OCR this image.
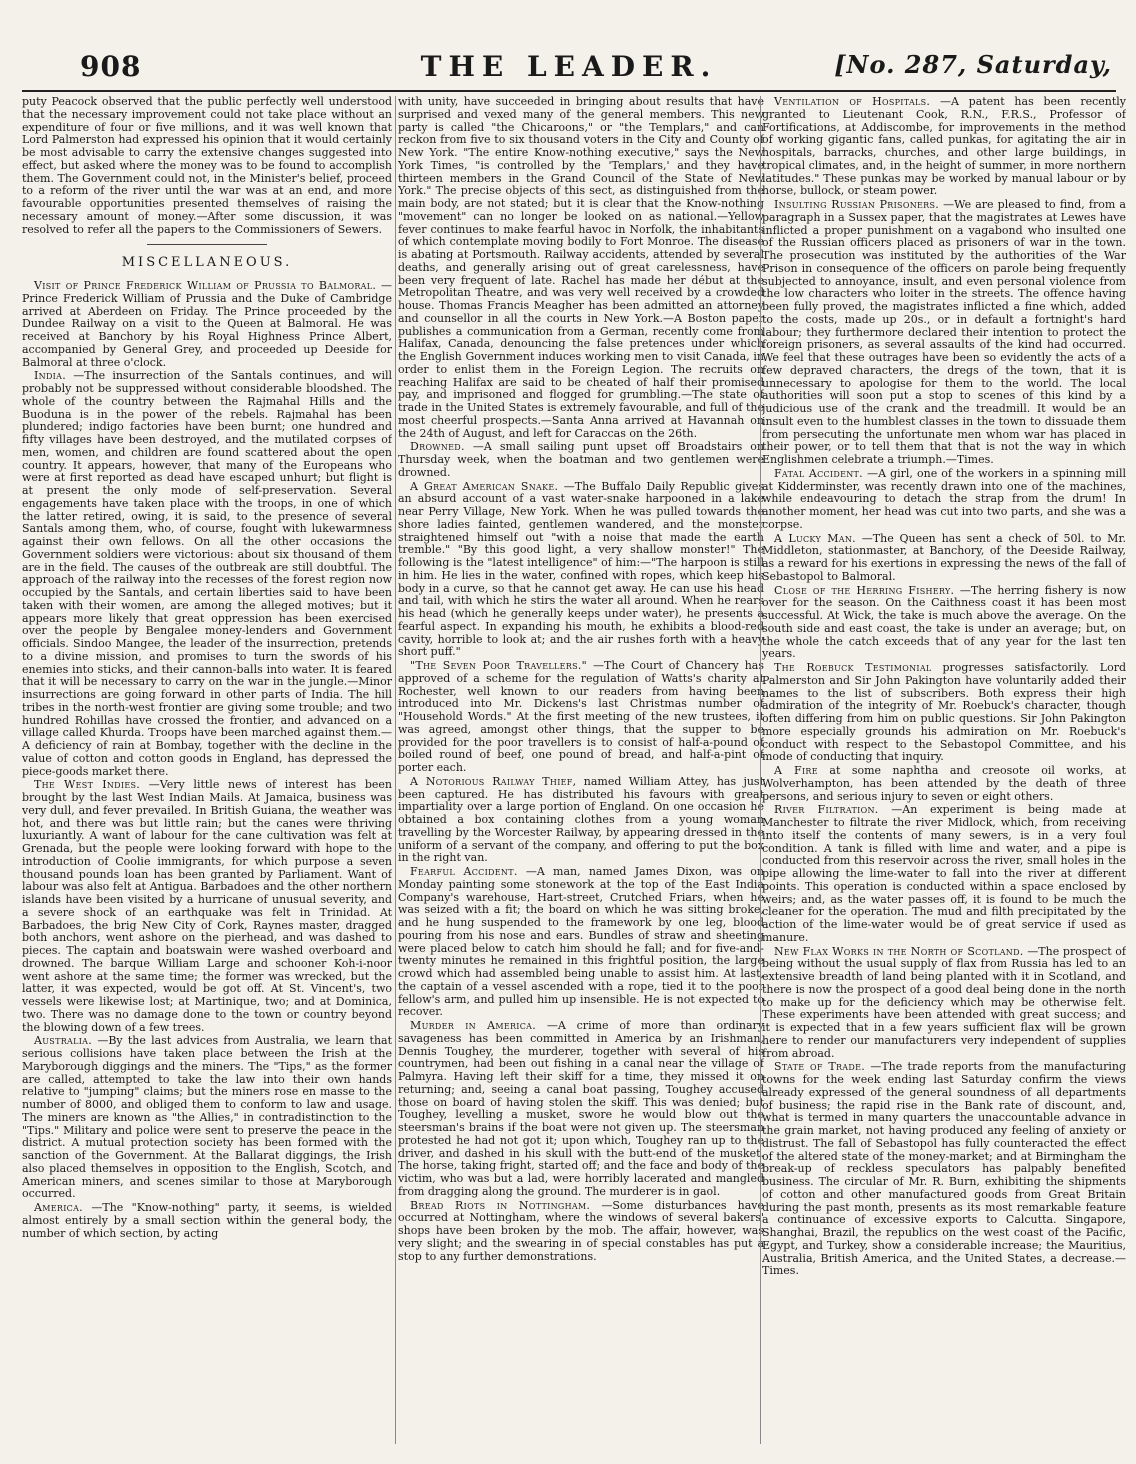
908	THE LEADER.	[No. 287, Saturday,

puty Peacock observed that the public perfectly well understood that the necessary improvement could not take place without an expenditure of four or five millions, and it was well known that Lord Palmerston had expressed his opinion that it would certainly be most advisable to carry the extensive changes suggested into effect, but asked where the money was to be found to accomplish them. The Government could not, in the Minister's belief, proceed to a reform of the river until the war was at an end, and more favourable opportunities presented themselves of raising the necessary amount of money.—After some discussion, it was resolved to refer all the papers to the Commissioners of Sewers.

MISCELLANEOUS.

Visit of Prince Frederick William of Prussia to Balmoral. —Prince Frederick William of Prussia and the Duke of Cambridge arrived at Aberdeen on Friday. The Prince proceeded by the Dundee Railway on a visit to the Queen at Balmoral. He was received at Banchory by his Royal Highness Prince Albert, accompanied by General Grey, and proceeded up Deeside for Balmoral at three o'clock.

India. —The insurrection of the Santals continues, and will probably not be suppressed without considerable bloodshed. The whole of the country between the Rajmahal Hills and the Buoduna is in the power of the rebels. Rajmahal has been plundered; indigo factories have been burnt; one hundred and fifty villages have been destroyed, and the mutilated corpses of men, women, and children are found scattered about the open country. It appears, however, that many of the Europeans who were at first reported as dead have escaped unhurt; but flight is at present the only mode of self-preservation. Several engagements have taken place with the troops, in one of which the latter retired, owing, it is said, to the presence of several Santals among them, who, of course, fought with lukewarmness against their own fellows. On all the other occasions the Government soldiers were victorious: about six thousand of them are in the field. The causes of the outbreak are still doubtful. The approach of the railway into the recesses of the forest region now occupied by the Santals, and certain liberties said to have been taken with their women, are among the alleged motives; but it appears more likely that great oppression has been exercised over the people by Bengalee money-lenders and Government officials. Sindoo Mangee, the leader of the insurrection, pretends to a divine mission, and promises to turn the swords of his enemies into sticks, and their cannon-balls into water. It is feared that it will be necessary to carry on the war in the jungle.—Minor insurrections are going forward in other parts of India. The hill tribes in the north-west frontier are giving some trouble; and two hundred Rohillas have crossed the frontier, and advanced on a village called Khurda. Troops have been marched against them.—A deficiency of rain at Bombay, together with the decline in the value of cotton and cotton goods in England, has depressed the piece-goods market there.

The West Indies. —Very little news of interest has been brought by the last West Indian Mails. At Jamaica, business was very dull, and fever prevailed. In British Guiana, the weather was hot, and there was but little rain; but the canes were thriving luxuriantly. A want of labour for the cane cultivation was felt at Grenada, but the people were looking forward with hope to the introduction of Coolie immigrants, for which purpose a seven thousand pounds loan has been granted by Parliament. Want of labour was also felt at Antigua. Barbadoes and the other northern islands have been visited by a hurricane of unusual severity, and a severe shock of an earthquake was felt in Trinidad. At Barbadoes, the brig New City of Cork, Raynes master, dragged both anchors, went ashore on the pierhead, and was dashed to pieces. The captain and boatswain were washed overboard and drowned. The barque William Large and schooner Koh-i-noor went ashore at the same time; the former was wrecked, but the latter, it was expected, would be got off. At St. Vincent's, two vessels were likewise lost; at Martinique, two; and at Dominica, two. There was no damage done to the town or country beyond the blowing down of a few trees.

Australia. —By the last advices from Australia, we learn that serious collisions have taken place between the Irish at the Maryborough diggings and the miners. The "Tips," as the former are called, attempted to take the law into their own hands relative to "jumping" claims; but the miners rose en masse to the number of 8000, and obliged them to conform to law and usage. The miners are known as "the Allies," in contradistinction to the "Tips." Military and police were sent to preserve the peace in the district. A mutual protection society has been formed with the sanction of the Government. At the Ballarat diggings, the Irish also placed themselves in opposition to the English, Scotch, and American miners, and scenes similar to those at Maryborough occurred.

America. —The "Know-nothing" party, it seems, is wielded almost entirely by a small section within the general body, the number of which section, by acting

with unity, have succeeded in bringing about results that have surprised and vexed many of the general members. This new party is called "the Chicaroons," or "the Templars," and can reckon from five to six thousand voters in the City and County of New York. "The entire Know-nothing executive," says the New York Times, "is controlled by the 'Templars,' and they have thirteen members in the Grand Council of the State of New York." The precise objects of this sect, as distinguished from the main body, are not stated; but it is clear that the Know-nothing "movement" can no longer be looked on as national.—Yellow fever continues to make fearful havoc in Norfolk, the inhabitants of which contemplate moving bodily to Fort Monroe. The disease is abating at Portsmouth. Railway accidents, attended by several deaths, and generally arising out of great carelessness, have been very frequent of late. Rachel has made her début at the Metropolitan Theatre, and was very well received by a crowded house. Thomas Francis Meagher has been admitted an attorney and counsellor in all the courts in New York.—A Boston paper publishes a communication from a German, recently come from Halifax, Canada, denouncing the false pretences under which the English Government induces working men to visit Canada, in order to enlist them in the Foreign Legion. The recruits on reaching Halifax are said to be cheated of half their promised pay, and imprisoned and flogged for grumbling.—The state of trade in the United States is extremely favourable, and full of the most cheerful prospects.—Santa Anna arrived at Havannah on the 24th of August, and left for Caraccas on the 26th.

Drowned. —A small sailing punt upset off Broadstairs on Thursday week, when the boatman and two gentlemen were drowned.

A Great American Snake. —The Buffalo Daily Republic gives an absurd account of a vast water-snake harpooned in a lake near Perry Village, New York. When he was pulled towards the shore ladies fainted, gentlemen wandered, and the monster straightened himself out "with a noise that made the earth tremble." "By this good light, a very shallow monster!" The following is the "latest intelligence" of him:—"The harpoon is still in him. He lies in the water, confined with ropes, which keep his body in a curve, so that he cannot get away. He can use his head and tail, with which he stirs the water all around. When he rears his head (which he generally keeps under water), he presents a fearful aspect. In expanding his mouth, he exhibits a blood-red cavity, horrible to look at; and the air rushes forth with a heavy short puff."

"The Seven Poor Travellers." —The Court of Chancery has approved of a scheme for the regulation of Watts's charity at Rochester, well known to our readers from having been introduced into Mr. Dickens's last Christmas number of "Household Words." At the first meeting of the new trustees, it was agreed, amongst other things, that the supper to be provided for the poor travellers is to consist of half-a-pound of boiled round of beef, one pound of bread, and half-a-pint of porter each.

A Notorious Railway Thief, named William Attey, has just been captured. He has distributed his favours with great impartiality over a large portion of England. On one occasion he obtained a box containing clothes from a young woman travelling by the Worcester Railway, by appearing dressed in the uniform of a servant of the company, and offering to put the box in the right van.

Fearful Accident. —A man, named James Dixon, was on Monday painting some stonework at the top of the East India Company's warehouse, Hart-street, Crutched Friars, when he was seized with a fit; the board on which he was sitting broke, and he hung suspended to the framework by one leg, blood pouring from his nose and ears. Bundles of straw and sheeting were placed below to catch him should he fall; and for five-and-twenty minutes he remained in this frightful position, the large crowd which had assembled being unable to assist him. At last, the captain of a vessel ascended with a rope, tied it to the poor fellow's arm, and pulled him up insensible. He is not expected to recover.

Murder in America. —A crime of more than ordinary savageness has been committed in America by an Irishman, Dennis Toughey, the murderer, together with several of his countrymen, had been out fishing in a canal near the village of Palmyra. Having left their skiff for a time, they missed it on returning; and, seeing a canal boat passing, Toughey accused those on board of having stolen the skiff. This was denied; but Toughey, levelling a musket, swore he would blow out the steersman's brains if the boat were not given up. The steersman protested he had not got it; upon which, Toughey ran up to the driver, and dashed in his skull with the butt-end of the musket. The horse, taking fright, started off; and the face and body of the victim, who was but a lad, were horribly lacerated and mangled from dragging along the ground. The murderer is in gaol.

Bread Riots in Nottingham. —Some disturbances have occurred at Nottingham, where the windows of several bakers' shops have been broken by the mob. The affair, however, was very slight; and the swearing in of special constables has put a stop to any further demonstrations.

Ventilation of Hospitals. —A patent has been recently granted to Lieutenant Cook, R.N., F.R.S., Professor of Fortifications, at Addiscombe, for improvements in the method of working gigantic fans, called punkas, for agitating the air in hospitals, barracks, churches, and other large buildings, in tropical climates, and, in the height of summer, in more northern latitudes." These punkas may be worked by manual labour or by horse, bullock, or steam power.

Insulting Russian Prisoners. —We are pleased to find, from a paragraph in a Sussex paper, that the magistrates at Lewes have inflicted a proper punishment on a vagabond who insulted one of the Russian officers placed as prisoners of war in the town. The prosecution was instituted by the authorities of the War Prison in consequence of the officers on parole being frequently subjected to annoyance, insult, and even personal violence from the low characters who loiter in the streets. The offence having been fully proved, the magistrates inflicted a fine which, added to the costs, made up 20s., or in default a fortnight's hard labour; they furthermore declared their intention to protect the foreign prisoners, as several assaults of the kind had occurred. We feel that these outrages have been so evidently the acts of a few depraved characters, the dregs of the town, that it is unnecessary to apologise for them to the world. The local authorities will soon put a stop to scenes of this kind by a judicious use of the crank and the treadmill. It would be an insult even to the humblest classes in the town to dissuade them from persecuting the unfortunate men whom war has placed in their power, or to tell them that that is not the way in which Englishmen celebrate a triumph.—Times.

Fatal Accident. —A girl, one of the workers in a spinning mill at Kidderminster, was recently drawn into one of the machines, while endeavouring to detach the strap from the drum! In another moment, her head was cut into two parts, and she was a corpse.

A Lucky Man. —The Queen has sent a check of 50l. to Mr. Middleton, stationmaster, at Banchory, of the Deeside Railway, as a reward for his exertions in expressing the news of the fall of Sebastopol to Balmoral.

Close of the Herring Fishery. —The herring fishery is now over for the season. On the Caithness coast it has been most successful. At Wick, the take is much above the average. On the south side and east coast, the take is under an average; but, on the whole the catch exceeds that of any year for the last ten years.

The Roebuck Testimonial progresses satisfactorily. Lord Palmerston and Sir John Pakington have voluntarily added their names to the list of subscribers. Both express their high admiration of the integrity of Mr. Roebuck's character, though often differing from him on public questions. Sir John Pakington more especially grounds his admiration on Mr. Roebuck's conduct with respect to the Sebastopol Committee, and his mode of conducting that inquiry.

A Fire at some naphtha and creosote oil works, at Wolverhampton, has been attended by the death of three persons, and serious injury to seven or eight others.

River Filtration. —An experiment is being made at Manchester to filtrate the river Midlock, which, from receiving into itself the contents of many sewers, is in a very foul condition. A tank is filled with lime and water, and a pipe is conducted from this reservoir across the river, small holes in the pipe allowing the lime-water to fall into the river at different points. This operation is conducted within a space enclosed by weirs; and, as the water passes off, it is found to be much the cleaner for the operation. The mud and filth precipitated by the action of the lime-water would be of great service if used as manure.

New Flax Works in the North of Scotland. —The prospect of being without the usual supply of flax from Russia has led to an extensive breadth of land being planted with it in Scotland, and there is now the prospect of a good deal being done in the north to make up for the deficiency which may be otherwise felt. These experiments have been attended with great success; and it is expected that in a few years sufficient flax will be grown here to render our manufacturers very independent of supplies from abroad.

State of Trade. —The trade reports from the manufacturing towns for the week ending last Saturday confirm the views already expressed of the general soundness of all departments of business; the rapid rise in the Bank rate of discount, and, what is termed in many quarters the unaccountable advance in the grain market, not having produced any feeling of anxiety or distrust. The fall of Sebastopol has fully counteracted the effect of the altered state of the money-market; and at Birmingham the break-up of reckless speculators has palpably benefited business. The circular of Mr. R. Burn, exhibiting the shipments of cotton and other manufactured goods from Great Britain during the past month, presents as its most remarkable feature a continuance of excessive exports to Calcutta. Singapore, Shanghai, Brazil, the republics on the west coast of the Pacific, Egypt, and Turkey, show a considerable increase; the Mauritius, Australia, British America, and the United States, a decrease.—Times.
